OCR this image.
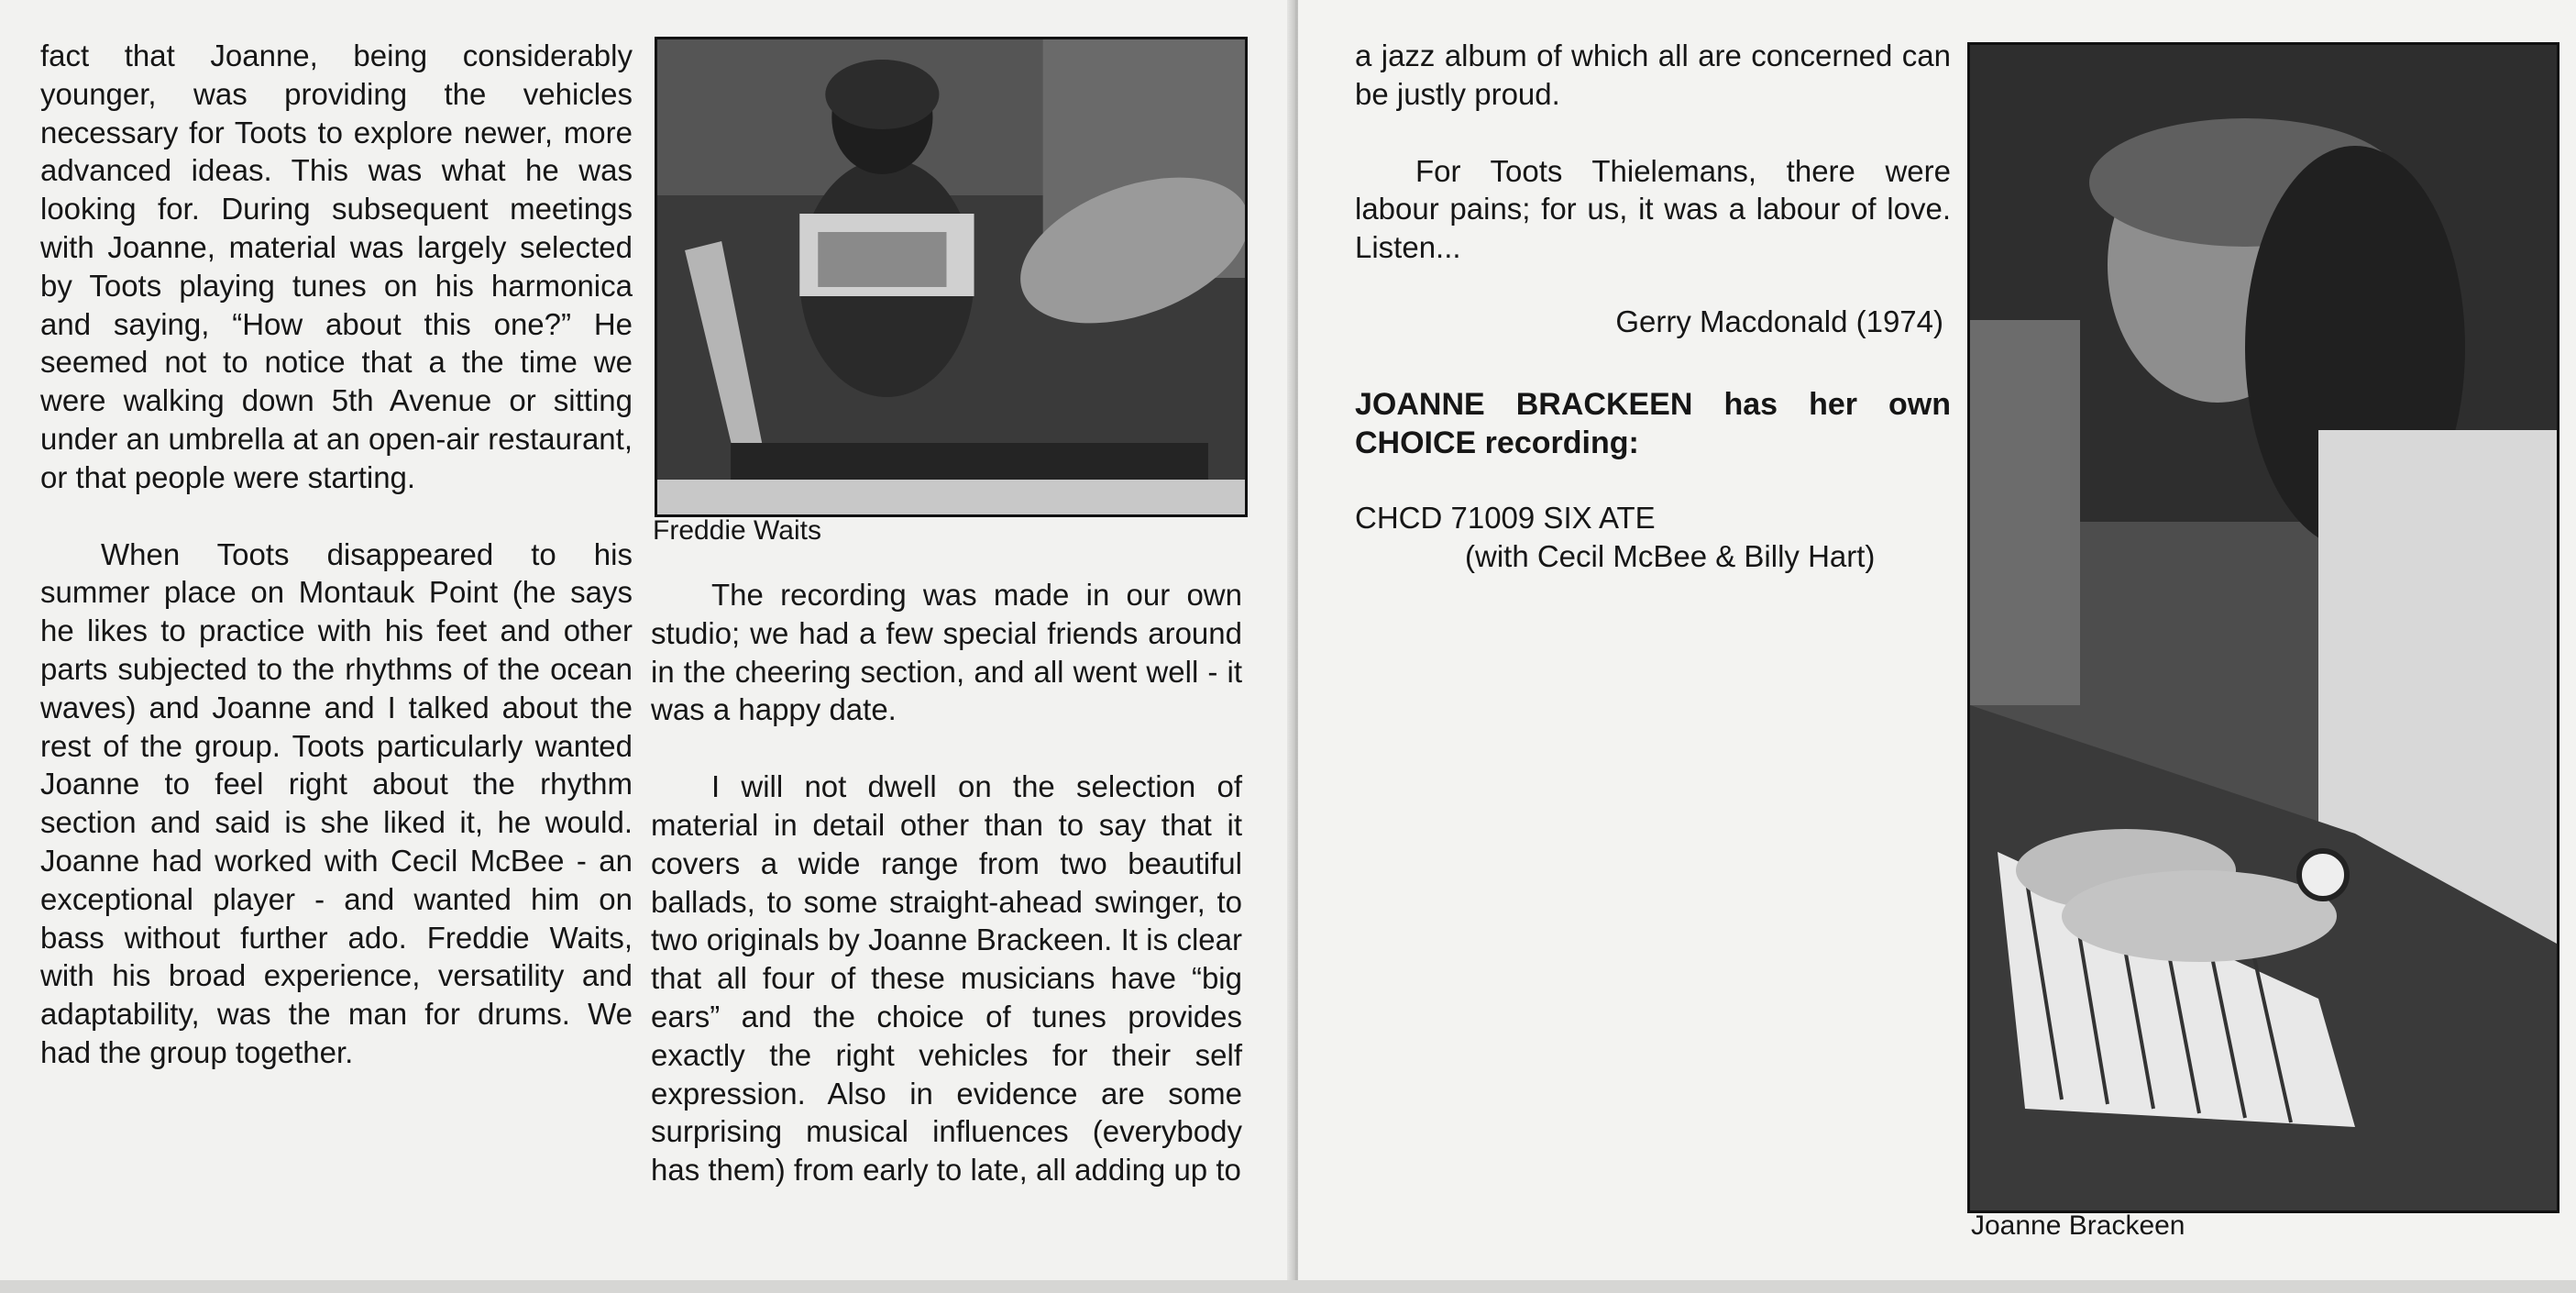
fact that Joanne, being considerably younger, was providing the vehicles necessary for Toots to explore newer, more advanced ideas. This was what he was looking for. During subsequent meetings with Joanne, material was largely selected by Toots playing tunes on his harmonica and saying, “How about this one?” He seemed not to notice that a the time we were walking down 5th Avenue or sitting under an umbrella at an open-air restaurant, or that people were starting.

When Toots disappeared to his summer place on Montauk Point (he says he likes to practice with his feet and other parts subjected to the rhythms of the ocean waves) and Joanne and I talked about the rest of the group. Toots particularly wanted Joanne to feel right about the rhythm section and said is she liked it, he would. Joanne had worked with Cecil McBee - an exceptional player - and wanted him on bass without further ado. Freddie Waits, with his broad experience, versatility and adaptability, was the man for drums. We had the group together.

Freddie Waits

The recording was made in our own studio; we had a few special friends around in the cheering section, and all went well - it was a happy date.

I will not dwell on the selection of material in detail other than to say that it covers a wide range from two beautiful ballads, to some straight-ahead swinger, to two originals by Joanne Brackeen. It is clear that all four of these musicians have “big ears” and the choice of tunes provides exactly the right vehicles for their self expression. Also in evidence are some surprising musical influences (everybody has them) from early to late, all adding up to

a jazz album of which all are concerned can be justly proud.

For Toots Thielemans, there were labour pains; for us, it was a labour of love. Listen...

Gerry Macdonald (1974)
JOANNE BRACKEEN has her own
CHOICE recording:
CHCD 71009 SIX ATE
(with Cecil McBee & Billy Hart)
Joanne Brackeen
